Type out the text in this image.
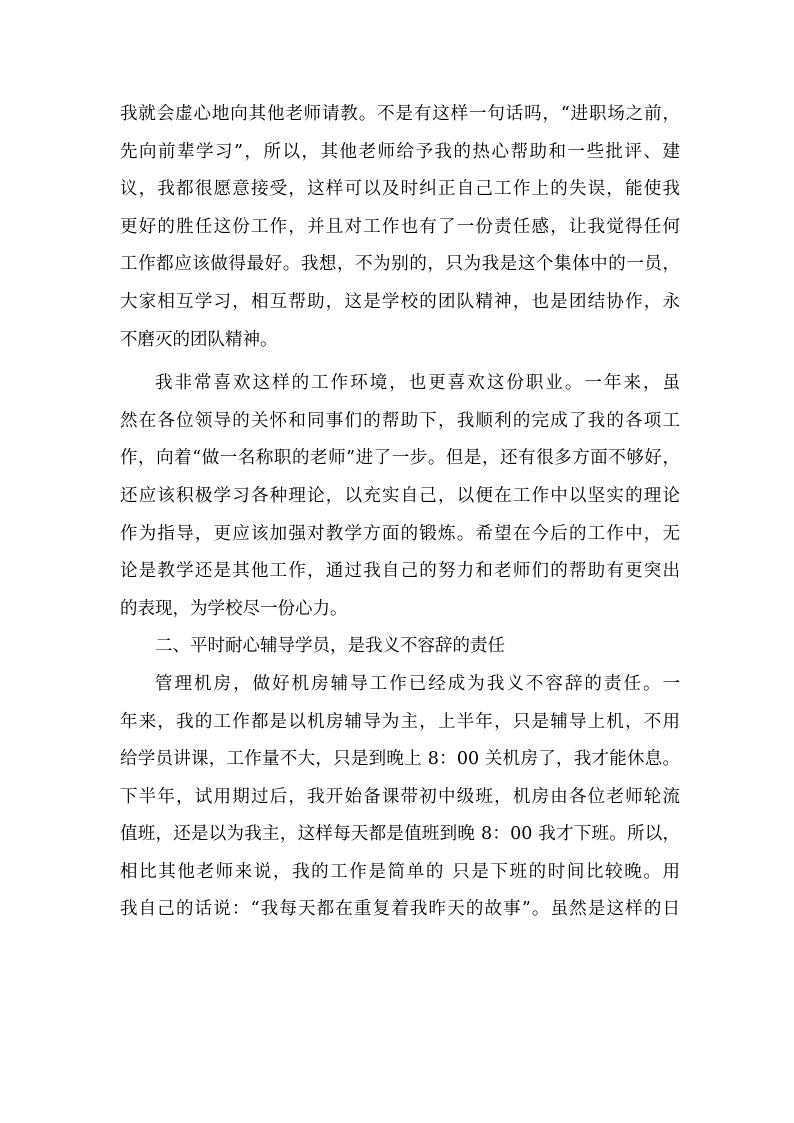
我就会虚心地向其他老师请教。不是有这样一句话吗，“进职场之前，
先向前辈学习”，所以，其他老师给予我的热心帮助和一些批评、建
议，我都很愿意接受，这样可以及时纠正自己工作上的失误，能使我
更好的胜任这份工作，并且对工作也有了一份责任感，让我觉得任何
工作都应该做得最好。我想，不为别的，只为我是这个集体中的一员，
大家相互学习，相互帮助，这是学校的团队精神，也是团结协作，永
不磨灭的团队精神。
我非常喜欢这样的工作环境，也更喜欢这份职业。一年来，虽
然在各位领导的关怀和同事们的帮助下，我顺利的完成了我的各项工
作，向着“做一名称职的老师”进了一步。但是，还有很多方面不够好，
还应该积极学习各种理论，以充实自己，以便在工作中以坚实的理论
作为指导，更应该加强对教学方面的锻炼。希望在今后的工作中，无
论是教学还是其他工作，通过我自己的努力和老师们的帮助有更突出
的表现，为学校尽一份心力。
二、平时耐心辅导学员，是我义不容辞的责任
管理机房，做好机房辅导工作已经成为我义不容辞的责任。一
年来，我的工作都是以机房辅导为主，上半年，只是辅导上机，不用
给学员讲课，工作量不大，只是到晚上 8：00 关机房了，我才能休息。
下半年，试用期过后，我开始备课带初中级班，机房由各位老师轮流
值班，还是以为我主，这样每天都是值班到晚 8：00 我才下班。所以，
相比其他老师来说，我的工作是简单的 只是下班的时间比较晚。用
我自己的话说：“我每天都在重复着我昨天的故事”。虽然是这样的日
